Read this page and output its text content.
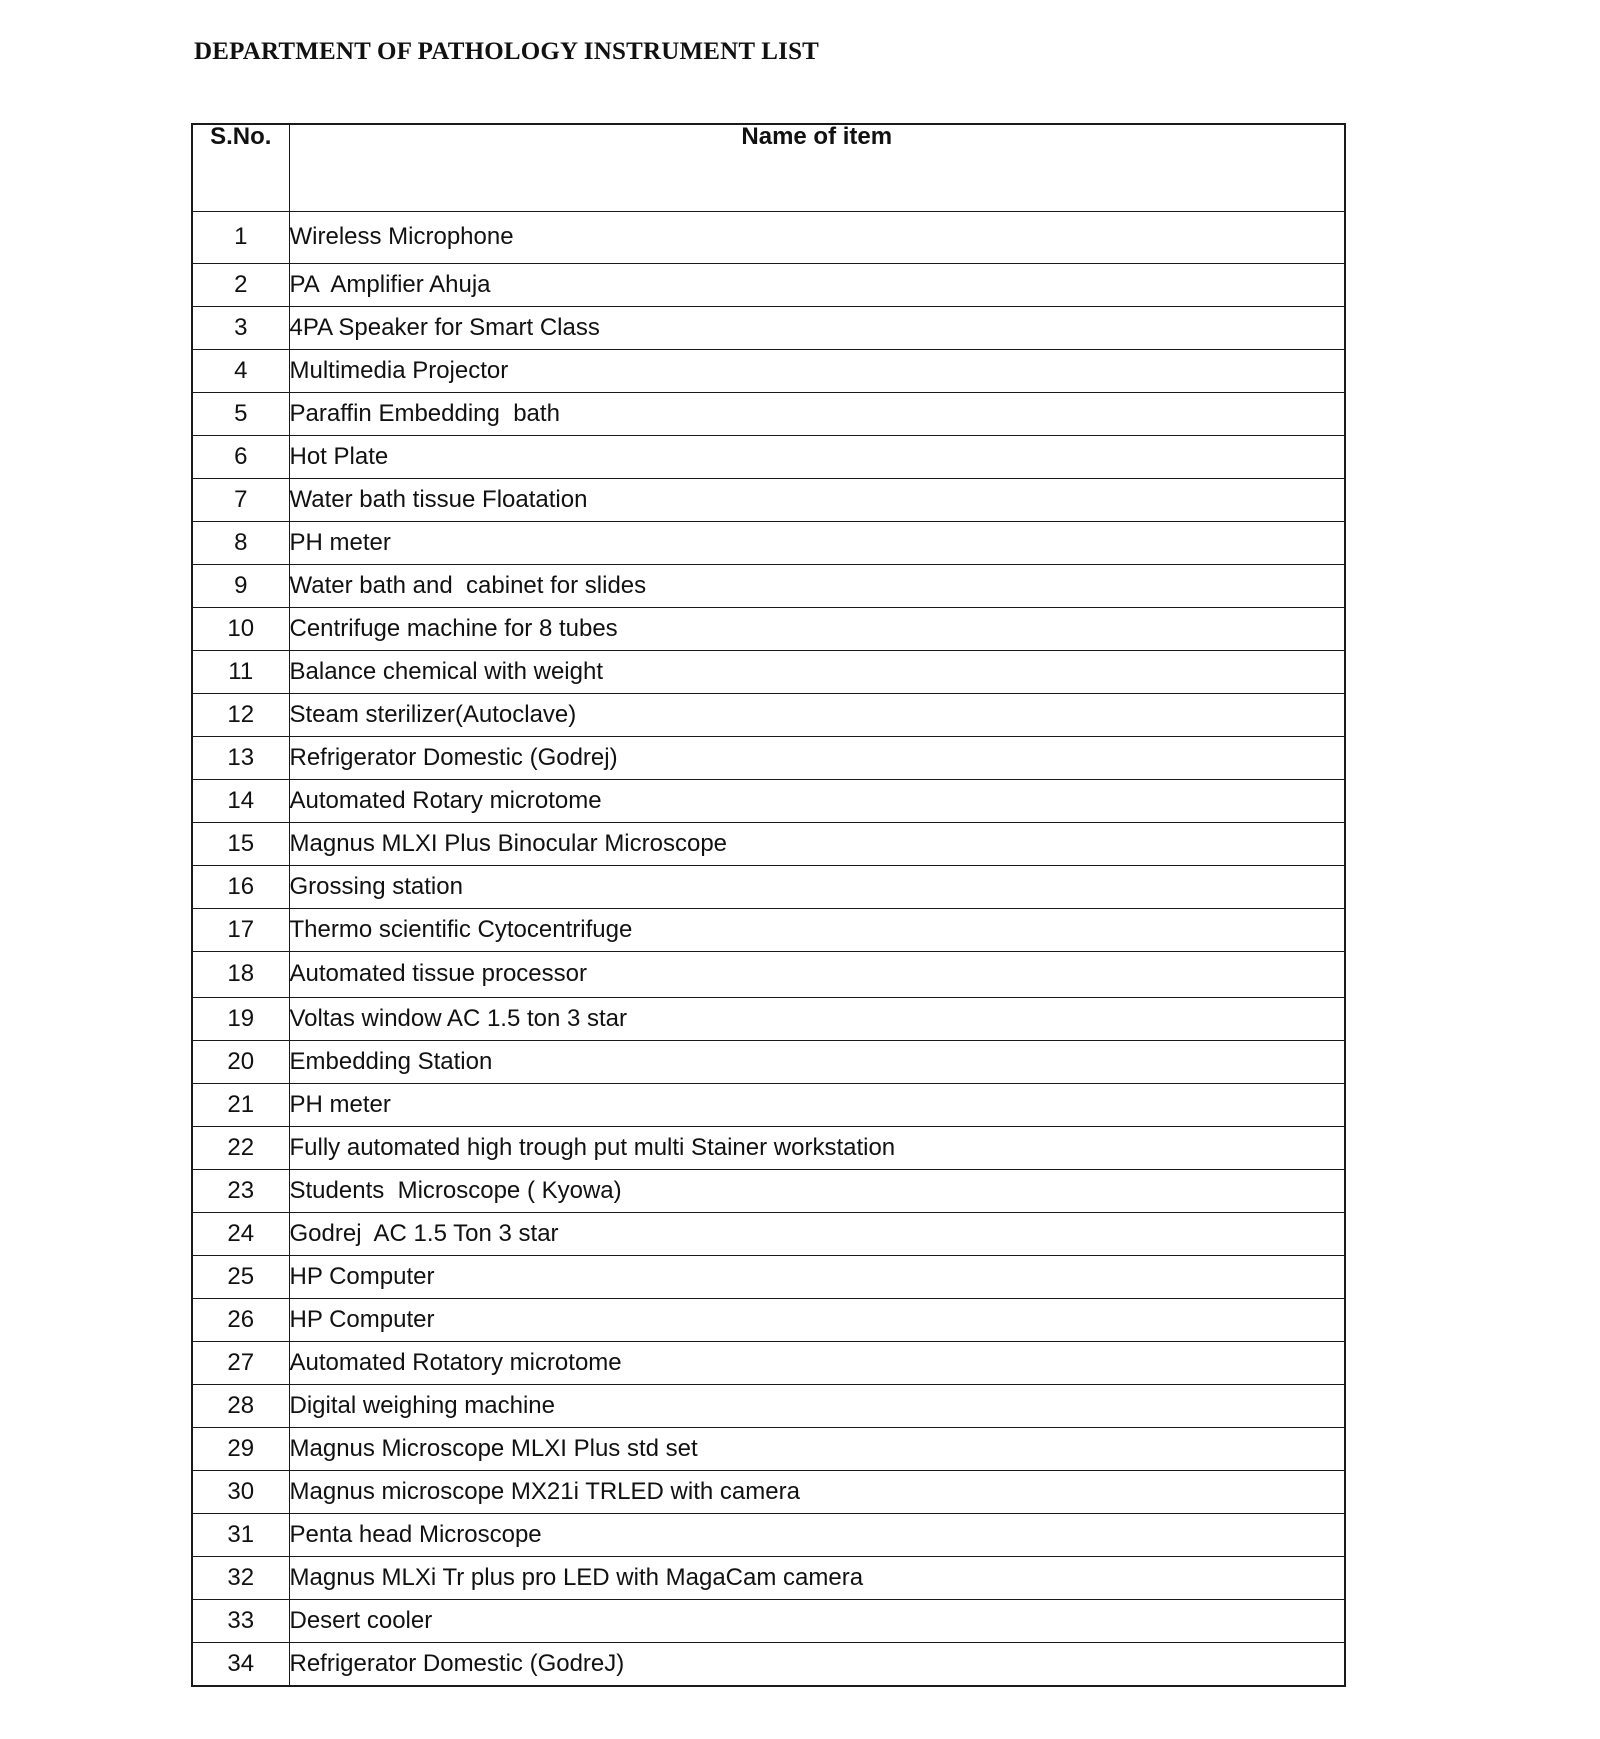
DEPARTMENT OF PATHOLOGY INSTRUMENT LIST
S.No.	Name of item
1	Wireless Microphone
2	PA  Amplifier Ahuja
3	4PA Speaker for Smart Class
4	Multimedia Projector
5	Paraffin Embedding  bath
6	Hot Plate
7	Water bath tissue Floatation
8	PH meter
9	Water bath and  cabinet for slides
10	Centrifuge machine for 8 tubes
11	Balance chemical with weight
12	Steam sterilizer(Autoclave)
13	Refrigerator Domestic (Godrej)
14	Automated Rotary microtome
15	Magnus MLXI Plus Binocular Microscope
16	Grossing station
17	Thermo scientific Cytocentrifuge
18	Automated tissue processor
19	Voltas window AC 1.5 ton 3 star
20	Embedding Station
21	PH meter
22	Fully automated high trough put multi Stainer workstation
23	Students  Microscope ( Kyowa)
24	Godrej  AC 1.5 Ton 3 star
25	HP Computer
26	HP Computer
27	Automated Rotatory microtome
28	Digital weighing machine
29	Magnus Microscope MLXI Plus std set
30	Magnus microscope MX21i TRLED with camera
31	Penta head Microscope
32	Magnus MLXi Tr plus pro LED with MagaCam camera
33	Desert cooler
34	Refrigerator Domestic (GodreJ)
